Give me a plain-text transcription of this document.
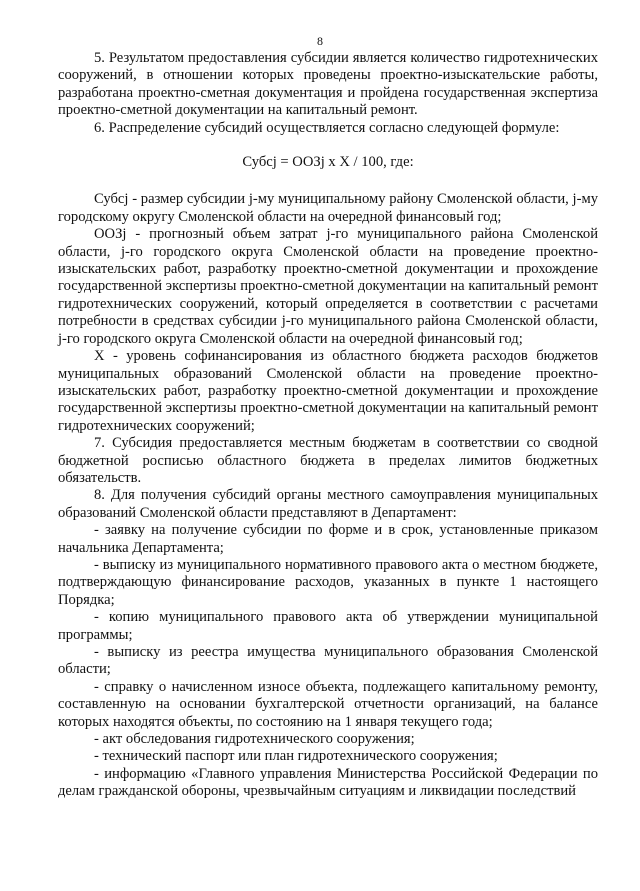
8

5. Результатом предоставления субсидии является количество гидротехнических сооружений, в отношении которых проведены проектно-изыскательские работы, разработана проектно-сметная документация и пройдена государственная экспертиза проектно-сметной документации на капитальный ремонт.

6. Распределение субсидий осуществляется согласно следующей формуле:

Субсj = ООЗj х X / 100, где:

Субсj - размер субсидии j-му муниципальному району Смоленской области, j-му городскому округу Смоленской области на очередной финансовый год;

ООЗj - прогнозный объем затрат j-го муниципального района Смоленской области, j-го городского округа Смоленской области на проведение проектно-изыскательских работ, разработку проектно-сметной документации и прохождение государственной экспертизы проектно-сметной документации на капитальный ремонт гидротехнических сооружений, который определяется в соответствии с расчетами потребности в средствах субсидии j-го муниципального района Смоленской области, j-го городского округа Смоленской области на очередной финансовый год;

X - уровень софинансирования из областного бюджета расходов бюджетов муниципальных образований Смоленской области на проведение проектно-изыскательских работ, разработку проектно-сметной документации и прохождение государственной экспертизы проектно-сметной документации на капитальный ремонт гидротехнических сооружений;

7. Субсидия предоставляется местным бюджетам в соответствии со сводной бюджетной росписью областного бюджета в пределах лимитов бюджетных обязательств.

8. Для получения субсидий органы местного самоуправления муниципальных образований Смоленской области представляют в Департамент:

- заявку на получение субсидии по форме и в срок, установленные приказом начальника Департамента;

- выписку из муниципального нормативного правового акта о местном бюджете, подтверждающую финансирование расходов, указанных в пункте 1 настоящего Порядка;

- копию муниципального правового акта об утверждении муниципальной программы;

- выписку из реестра имущества муниципального образования Смоленской области;

- справку о начисленном износе объекта, подлежащего капитальному ремонту, составленную на основании бухгалтерской отчетности организаций, на балансе которых находятся объекты, по состоянию на 1 января текущего года;

- акт обследования гидротехнического сооружения;

- технический паспорт или план гидротехнического сооружения;

- информацию «Главного управления Министерства Российской Федерации по делам гражданской обороны, чрезвычайным ситуациям и ликвидации последствий
